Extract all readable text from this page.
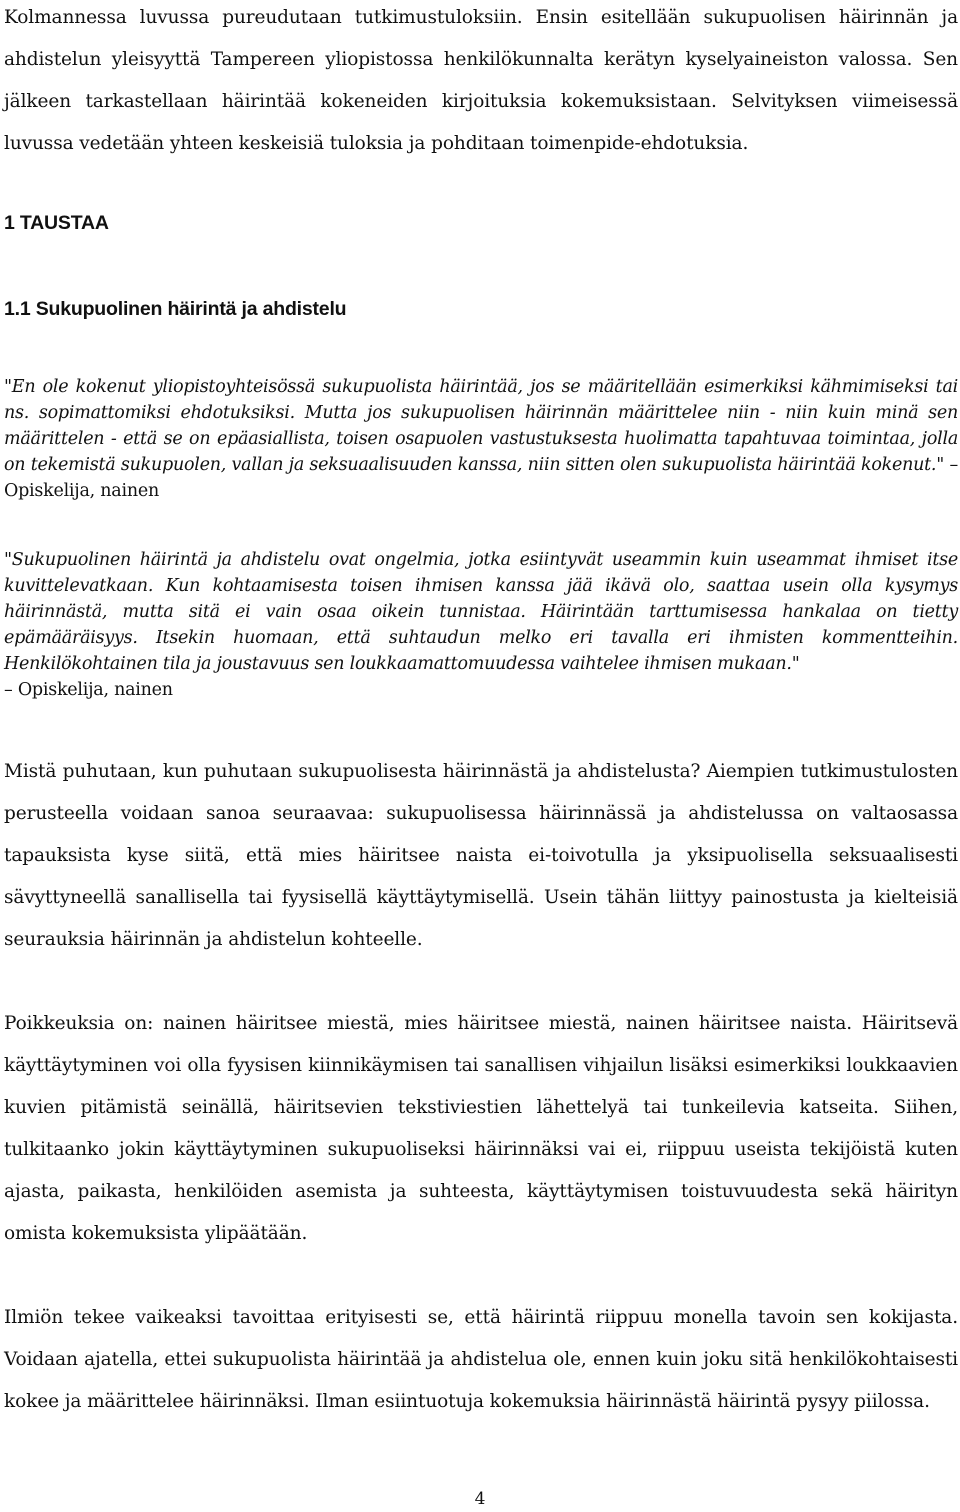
Kolmannessa luvussa pureudutaan tutkimustuloksiin. Ensin esitellään sukupuolisen häirinnän ja ahdistelun yleisyyttä Tampereen yliopistossa henkilökunnalta kerätyn kyselyaineiston valossa. Sen jälkeen tarkastellaan häirintää kokeneiden kirjoituksia kokemuksistaan. Selvityksen viimeisessä luvussa vedetään yhteen keskeisiä tuloksia ja pohditaan toimenpide-ehdotuksia.

1 TAUSTAA
1.1 Sukupuolinen häirintä ja ahdistelu

"En ole kokenut yliopistoyhteisössä sukupuolista häirintää, jos se määritellään esimerkiksi kähmimiseksi tai ns. sopimattomiksi ehdotuksiksi. Mutta jos sukupuolisen häirinnän määrittelee niin - niin kuin minä sen määrittelen - että se on epäasiallista, toisen osapuolen vastustuksesta huolimatta tapahtuvaa toimintaa, jolla on tekemistä sukupuolen, vallan ja seksuaalisuuden kanssa, niin sitten olen sukupuolista häirintää kokenut." – Opiskelija, nainen

"Sukupuolinen häirintä ja ahdistelu ovat ongelmia, jotka esiintyvät useammin kuin useammat ihmiset itse kuvittelevatkaan. Kun kohtaamisesta toisen ihmisen kanssa jää ikävä olo, saattaa usein olla kysymys häirinnästä, mutta sitä ei vain osaa oikein tunnistaa. Häirintään tarttumisessa hankalaa on tietty epämääräisyys. Itsekin huomaan, että suhtaudun melko eri tavalla eri ihmisten kommentteihin. Henkilökohtainen tila ja joustavuus sen loukkaamattomuudessa vaihtelee ihmisen mukaan."
– Opiskelija, nainen

Mistä puhutaan, kun puhutaan sukupuolisesta häirinnästä ja ahdistelusta? Aiempien tutkimustulosten perusteella voidaan sanoa seuraavaa: sukupuolisessa häirinnässä ja ahdistelussa on valtaosassa tapauksista kyse siitä, että mies häiritsee naista ei-toivotulla ja yksipuolisella seksuaalisesti sävyttyneellä sanallisella tai fyysisellä käyttäytymisellä. Usein tähän liittyy painostusta ja kielteisiä seurauksia häirinnän ja ahdistelun kohteelle.

Poikkeuksia on: nainen häiritsee miestä, mies häiritsee miestä, nainen häiritsee naista. Häiritsevä käyttäytyminen voi olla fyysisen kiinnikäymisen tai sanallisen vihjailun lisäksi esimerkiksi loukkaavien kuvien pitämistä seinällä, häiritsevien tekstiviestien lähettelyä tai tunkeilevia katseita. Siihen, tulkitaanko jokin käyttäytyminen sukupuoliseksi häirinnäksi vai ei, riippuu useista tekijöistä kuten ajasta, paikasta, henkilöiden asemista ja suhteesta, käyttäytymisen toistuvuudesta sekä häirityn omista kokemuksista ylipäätään.

Ilmiön tekee vaikeaksi tavoittaa erityisesti se, että häirintä riippuu monella tavoin sen kokijasta. Voidaan ajatella, ettei sukupuolista häirintää ja ahdistelua ole, ennen kuin joku sitä henkilökohtaisesti kokee ja määrittelee häirinnäksi. Ilman esiintuotuja kokemuksia häirinnästä häirintä pysyy piilossa.

4
